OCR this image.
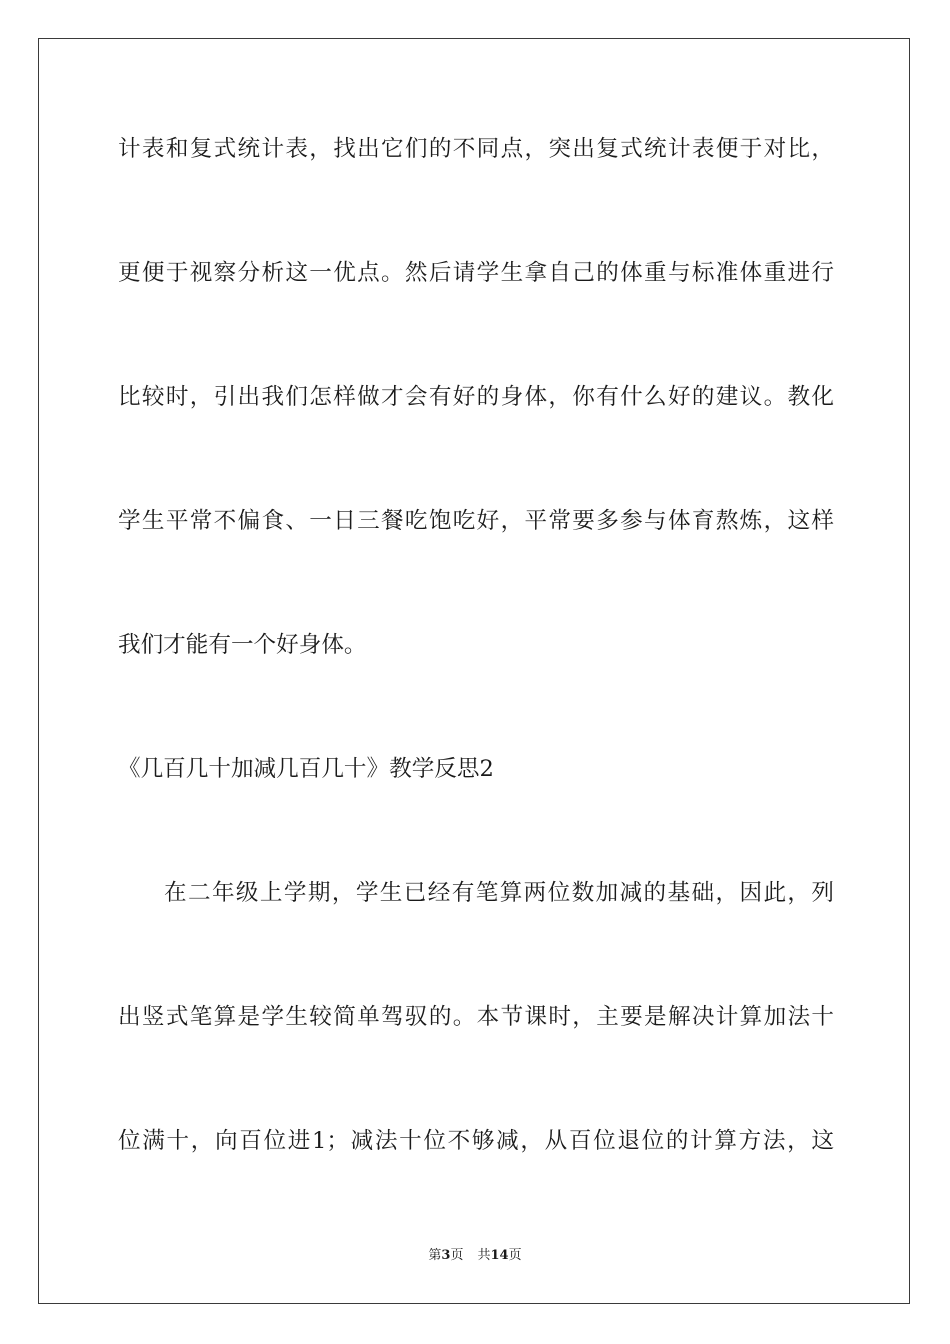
计表和复式统计表，找出它们的不同点，突出复式统计表便于对比，
更便于视察分析这一优点。然后请学生拿自己的体重与标准体重进行
比较时，引出我们怎样做才会有好的身体，你有什么好的建议。教化
学生平常不偏食、一日三餐吃饱吃好，平常要多参与体育熬炼，这样
我们才能有一个好身体。
《几百几十加减几百几十》教学反思2
在二年级上学期，学生已经有笔算两位数加减的基础，因此，列
出竖式笔算是学生较简单驾驭的。本节课时，主要是解决计算加法十
位满十，向百位进1；减法十位不够减，从百位退位的计算方法，这
第3页 共14页
